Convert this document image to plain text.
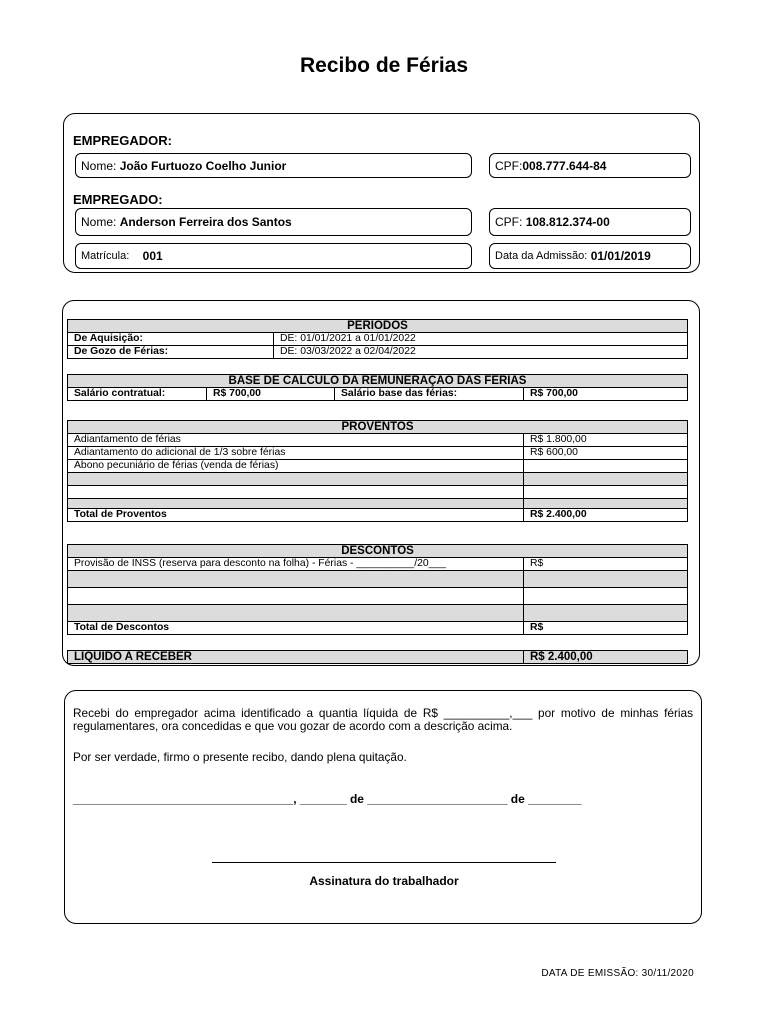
Recibo de Férias
EMPREGADOR:
Nome:
João Furtuozo Coelho Junior	CPF: 008.777.644-84
EMPREGADO:
Nome:
Anderson Ferreira dos Santos	CPF:
108.812.374-00
Matrícula:
001	Data da Admissão:
01/01/2019
PERÍODOS	
De Aquisição:	DE: 01/01/2021 a 01/01/2022
De Gozo de Férias:	DE: 03/03/2022 a 02/04/2022
BASE DE CÁLCULO DA REMUNERAÇÃO DAS FÉRIAS
Salário contratual:	R$ 700,00	Salário base das férias:	R$ 700,00
PROVENTOS	
Adiantamento de férias	R$ 1.800,00
Adiantamento do adicional de 1/3 sobre férias	R$ 600,00
Abono pecuniário de férias (venda de férias)	

Total de Proventos	R$ 2.400,00
DESCONTOS	
Provisão de INSS (reserva para desconto na folha) - Férias - __________/20___	R$

Total de Descontos	R$
LÍQUIDO A RECEBER	R$ 2.400,00
Recebi do empregador acima identificado a quantia líquida de R$ __________,___ por motivo de minhas férias regulamentares, ora concedidas e que vou gozar de acordo com a descrição acima.
Por ser verdade, firmo o presente recibo, dando plena quitação.
_________________________________, _______ de _____________________ de ________
Assinatura do trabalhador
DATA DE EMISSÃO: 30/11/2020
